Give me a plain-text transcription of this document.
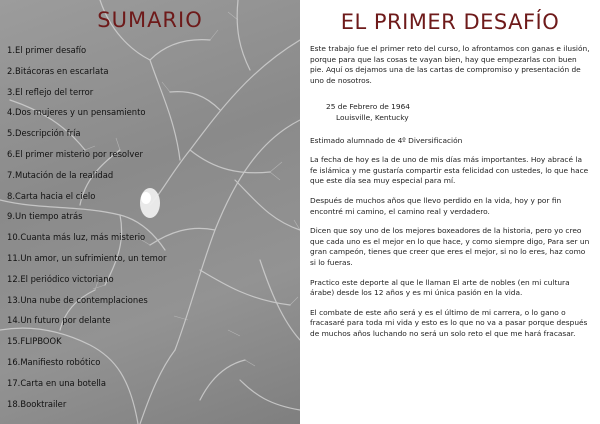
SUMARIO
1.El primer desafío
2.Bitácoras en escarlata
3.El reflejo del terror
4.Dos mujeres y un pensamiento
5.Descripción fría
6.El primer misterio por resolver
7.Mutación de la realidad
8.Carta hacia el cielo
9.Un tiempo atrás
10.Cuanta más luz, más misterio
11.Un amor, un sufrimiento, un temor
12.El periódico victoriano
13.Una nube de contemplaciones
14.Un futuro por delante
15.FLIPBOOK
16.Manifiesto robótico
17.Carta en una botella
18.Booktrailer
EL PRIMER DESAFÍO

Este trabajo fue el primer reto del curso, lo afrontamos con ganas e ilusión, porque para que las cosas te vayan bien, hay que empezarlas con buen pie. Aquí os dejamos una de las cartas de compromiso y presentación de uno de nosotros.

25 de Febrero de 1964
Louisville, Kentucky

Estimado alumnado de 4º Diversificación

La fecha de hoy es la de uno de mis días más importantes. Hoy abracé la fe islámica y me gustaría compartir esta felicidad con ustedes, lo que hace que este día sea muy especial para mí.

Después de muchos años que llevo perdido en la vida, hoy y por fin encontré mi camino, el camino real y verdadero.

Dicen que soy uno de los mejores boxeadores de la historia, pero yo creo que cada uno es el mejor en lo que hace, y como siempre digo, Para ser un gran campeón, tienes que creer que eres el mejor, si no lo eres, haz como si lo fueras.

Practico este deporte al que le llaman El arte de nobles (en mi cultura árabe) desde los 12 años y es mi única pasión en la vida.

El combate de este año será y es el último de mi carrera, o lo gano o fracasaré para toda mi vida y esto es lo que no va a pasar porque después de muchos años luchando no será un solo reto el que me hará fracasar.
